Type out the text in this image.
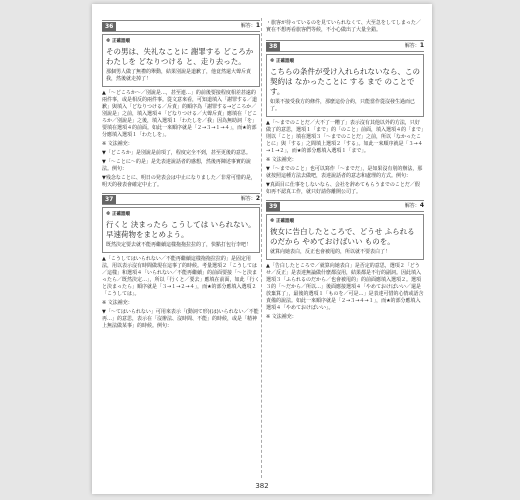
36	解答：1
※ 正確語順
その男は、失礼なことに 謝罪する どころか わたしを どなりつける と、走り去った。
那個男人做了無禮的舉動，結果別說是道歉了，他竟然還大聲斥責我，然後就走掉了！

▲「～どころか～／別說是…，甚至連…」的前後要接程度相差甚遠的兩件事，或是相反的兩件事。從文意來看，可知道填入「謝罪する／道歉」與填入「どなりつける／斥責」的順序為「謝罪する→どころか／別說是」之前，填入選項４「どなりつける／大聲斥責」應填在「どころか／別說是」之後，填入選項１「わたしを／我」因為無助詞「を」要填在選項４的前面。如此一來順序就是「２→３→１→４」，而★的部分應填入選項１「わたしを」。

※ 文法補充：

▼「どころか」是別說是前項了，程度完全不到，甚至更後的意思。

▼「～ことに～的是」是先表達說話者的感想，然後再陳述事實的說法。例句：

▼残念なことに、明日の発表会は中止になりました／非常可惜的是，明天的發表會確定中止了。

37	解答：2
※ 正確語順
行くと 決まったら こうしては いられない。早速荷物をまとめよう。
既然決定要去就不能再繼續這樣拖拖拉拉的了，快點打包行李吧！

▲「こうしてはいられない／不能再繼續這樣拖拖拉拉的」是固定用法，用以表示沒有時間做現在這事了的時候。考量選項２「こうしては／這樣」和選項４「いられない／不能再繼續」的前面要接「～と決まったら／既然決定…」，所以「行くと／要去」應填在前面，如此「行くと決まったら」順序就是「３→１→２→４」，而★的部分應填入選項２「こうしては」。

※ 文法補充：

▼「～てはいられない」可用來表示「(動詞て形)(は)いられない／不能再…」的意思，表示在「沒辦法、沒時間、不能」的時候，或是「精神上無法做某事」的時候。例句：

・旅客が待っているのを見ていられなくて、大至急をしてしまった／實在不想再看旅客們等候，不小心做出了大量全錯。

38	解答：1
※ 正確語順
こちらの条件が受け入れられないなら、この契約は なかったことに する まで のことです。
如果不接受我方的條件，那麼這份合約，只能當作從沒發生過而已了。

▲「～までのことだ／大不了一糟了」表示沒有其他以外的方法，只好做了的意思，選項１「まで」的「のこと」前面，填入選項４的「まで」則以「こと」填在選項３「～までのことだ」之前，所以「なかったことに」與「する」之間填上選項２「する」。如此一來順序就是「３→４→１→２」，而★的部分應填入選項１「まで」。

※ 文法補充：

▼「～までのこと」也可以寫作「～までだ」，是如果沒有別的辦法，那就按照這種方法去做吧，表達說話者的意志和處理的方式。例句：

▼真面目に仕事をしないなら、会社を辞めてもらうまでのことだ／假如再不認真工作，就只好請你離開公司了。

39	解答：4
※ 正確語順
彼女に告白したところで、どうせ ふられるのだから やめておけばいい ものを。
就算向她表白，反正也會被甩的，所以就不要表白了！

▲「告白したところで／就算向她表白」是否定的意思，選項２「どうせ／反正」是表達無論做什麼都沒用，結果都是不行的副詞。因此填入選項３「ふられるのだから／也會被甩的」的前面應填入選項２。選項３的「～だから／所以…」後面應接選項４「やめておけばいい／還是放棄算了」，最後的選項１「ものを／可是…」是表達可惜的心情或語含責備的說法。如此一來順序就是「２→３→４→１」，而★的部分應填入選項４「やめておけばいい」。

※ 文法補充：

382
